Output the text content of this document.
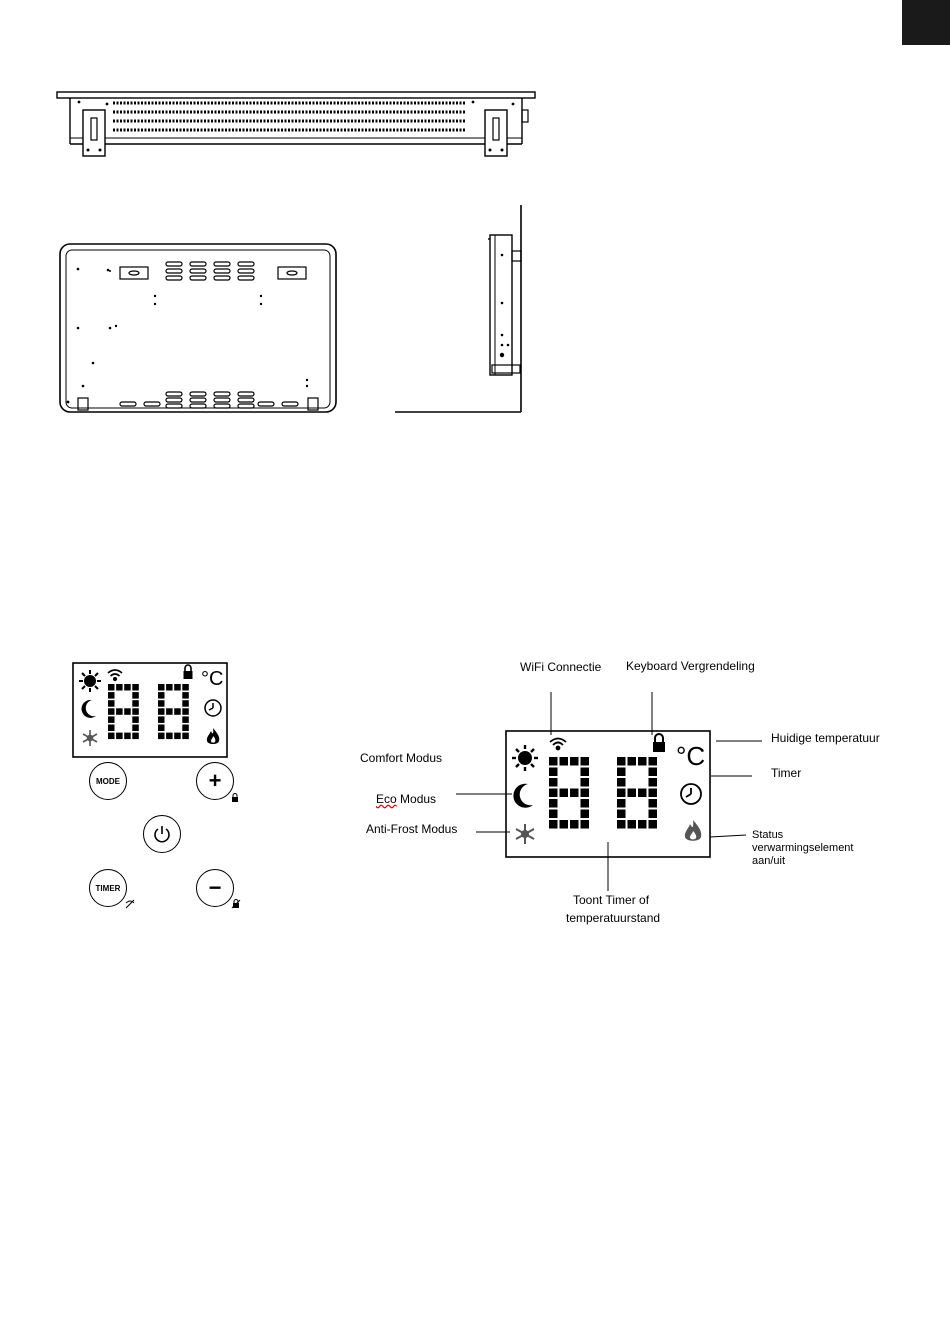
°C
MODE	+
TIMER	−
°C
WiFi Connectie Keyboard Vergrendeling
Huidige temperatuur
Timer
Comfort Modus
Eco Modus
Anti-Frost Modus	Status
verwarmingselement
aan/uit
Toont Timer of
temperatuurstand
